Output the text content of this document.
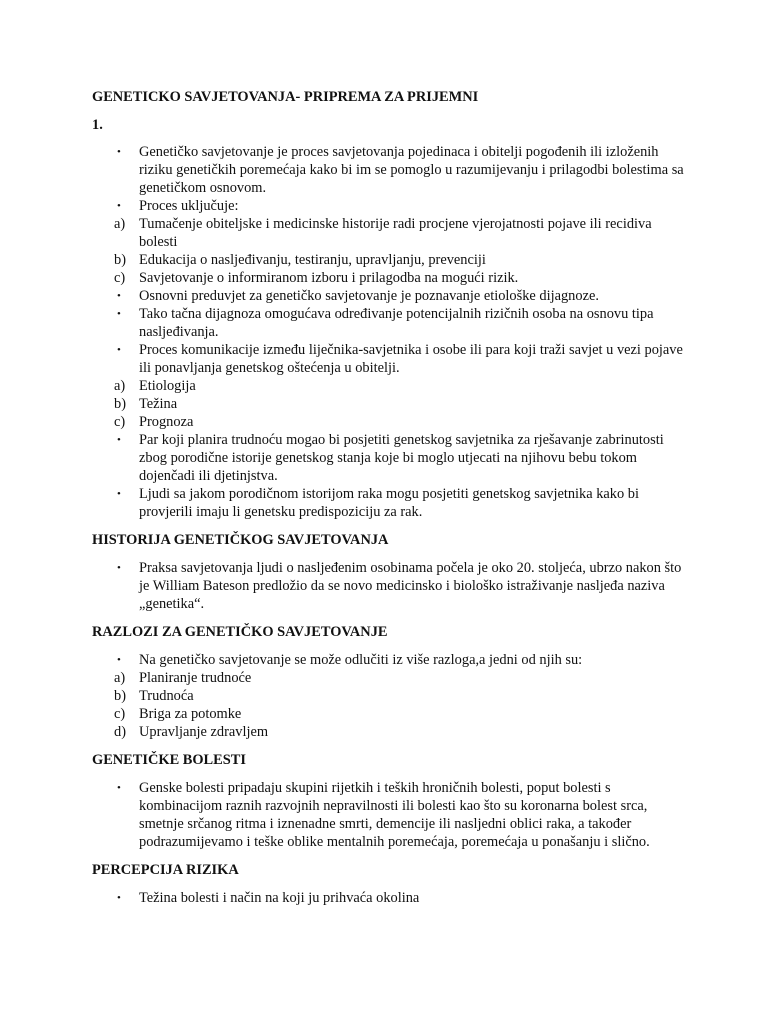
GENETICKO SAVJETOVANJA- PRIPREMA ZA PRIJEMNI

1.

• Genetičko savjetovanje je proces savjetovanja pojedinaca i obitelji pogođenih ili izloženih riziku genetičkih poremećaja kako bi im se pomoglo u razumijevanju i prilagodbi bolestima sa genetičkom osnovom.
• Proces uključuje:
a) Tumačenje obiteljske i medicinske historije radi procjene vjerojatnosti pojave ili recidiva bolesti
b) Edukacija o nasljeđivanju, testiranju, upravljanju, prevenciji
c) Savjetovanje o informiranom izboru i prilagodba na mogući rizik.
• Osnovni preduvjet za genetičko savjetovanje je poznavanje etiološke dijagnoze.
• Tako tačna dijagnoza omogućava određivanje potencijalnih rizičnih osoba na osnovu tipa nasljeđivanja.
• Proces komunikacije između liječnika-savjetnika i osobe ili para koji traži savjet u vezi pojave ili ponavljanja genetskog oštećenja u obitelji.
a) Etiologija
b) Težina
c) Prognoza
• Par koji planira trudnoću mogao bi posjetiti genetskog savjetnika za rješavanje zabrinutosti zbog porodične istorije genetskog stanja koje bi moglo utjecati na njihovu bebu tokom dojenčadi ili djetinjstva.
• Ljudi sa jakom porodičnom istorijom raka mogu posjetiti genetskog savjetnika kako bi provjerili imaju li genetsku predispoziciju za rak.

HISTORIJA GENETIČKOG SAVJETOVANJA

• Praksa savjetovanja ljudi o nasljeđenim osobinama počela je oko 20. stoljeća, ubrzo nakon što je William Bateson predložio da se novo medicinsko i biološko istraživanje nasljeđa naziva „genetika“.

RAZLOZI ZA GENETIČKO SAVJETOVANJE

• Na genetičko savjetovanje se može odlučiti iz više razloga,a jedni od njih su:
a) Planiranje trudnoće
b) Trudnoća
c) Briga za potomke
d) Upravljanje zdravljem

GENETIČKE BOLESTI

• Genske bolesti pripadaju skupini rijetkih i teških hroničnih bolesti, poput bolesti s kombinacijom raznih razvojnih nepravilnosti ili bolesti kao što su koronarna bolest srca, smetnje srčanog ritma i iznenadne smrti, demencije ili nasljedni oblici raka, a također podrazumijevamo i teške oblike mentalnih poremećaja, poremećaja u ponašanju i slično.

PERCEPCIJA RIZIKA

• Težina bolesti i način na koji ju prihvaća okolina
